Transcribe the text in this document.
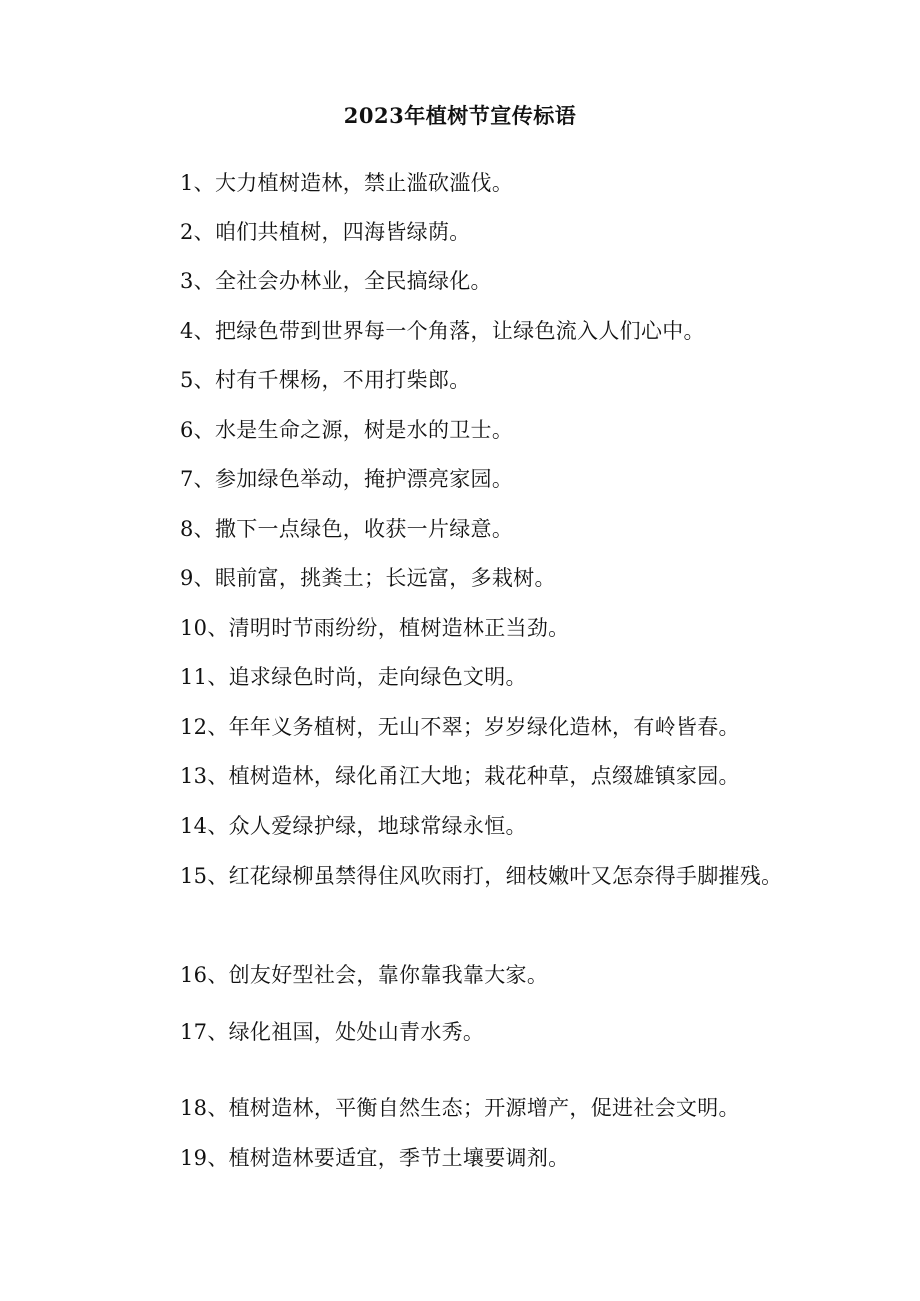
2023年植树节宣传标语
1、大力植树造林，禁止滥砍滥伐。
2、咱们共植树，四海皆绿荫。
3、全社会办林业，全民搞绿化。
4、把绿色带到世界每一个角落，让绿色流入人们心中。
5、村有千棵杨，不用打柴郎。
6、水是生命之源，树是水的卫士。
7、参加绿色举动，掩护漂亮家园。
8、撒下一点绿色，收获一片绿意。
9、眼前富，挑粪土；长远富，多栽树。
10、清明时节雨纷纷，植树造林正当劲。
11、追求绿色时尚，走向绿色文明。
12、年年义务植树，无山不翠；岁岁绿化造林，有岭皆春。
13、植树造林，绿化甬江大地；栽花种草，点缀雄镇家园。
14、众人爱绿护绿，地球常绿永恒。
15、红花绿柳虽禁得住风吹雨打，细枝嫩叶又怎奈得手脚摧残。
16、创友好型社会，靠你靠我靠大家。
17、绿化祖国，处处山青水秀。
18、植树造林，平衡自然生态；开源增产，促进社会文明。
19、植树造林要适宜，季节土壤要调剂。
